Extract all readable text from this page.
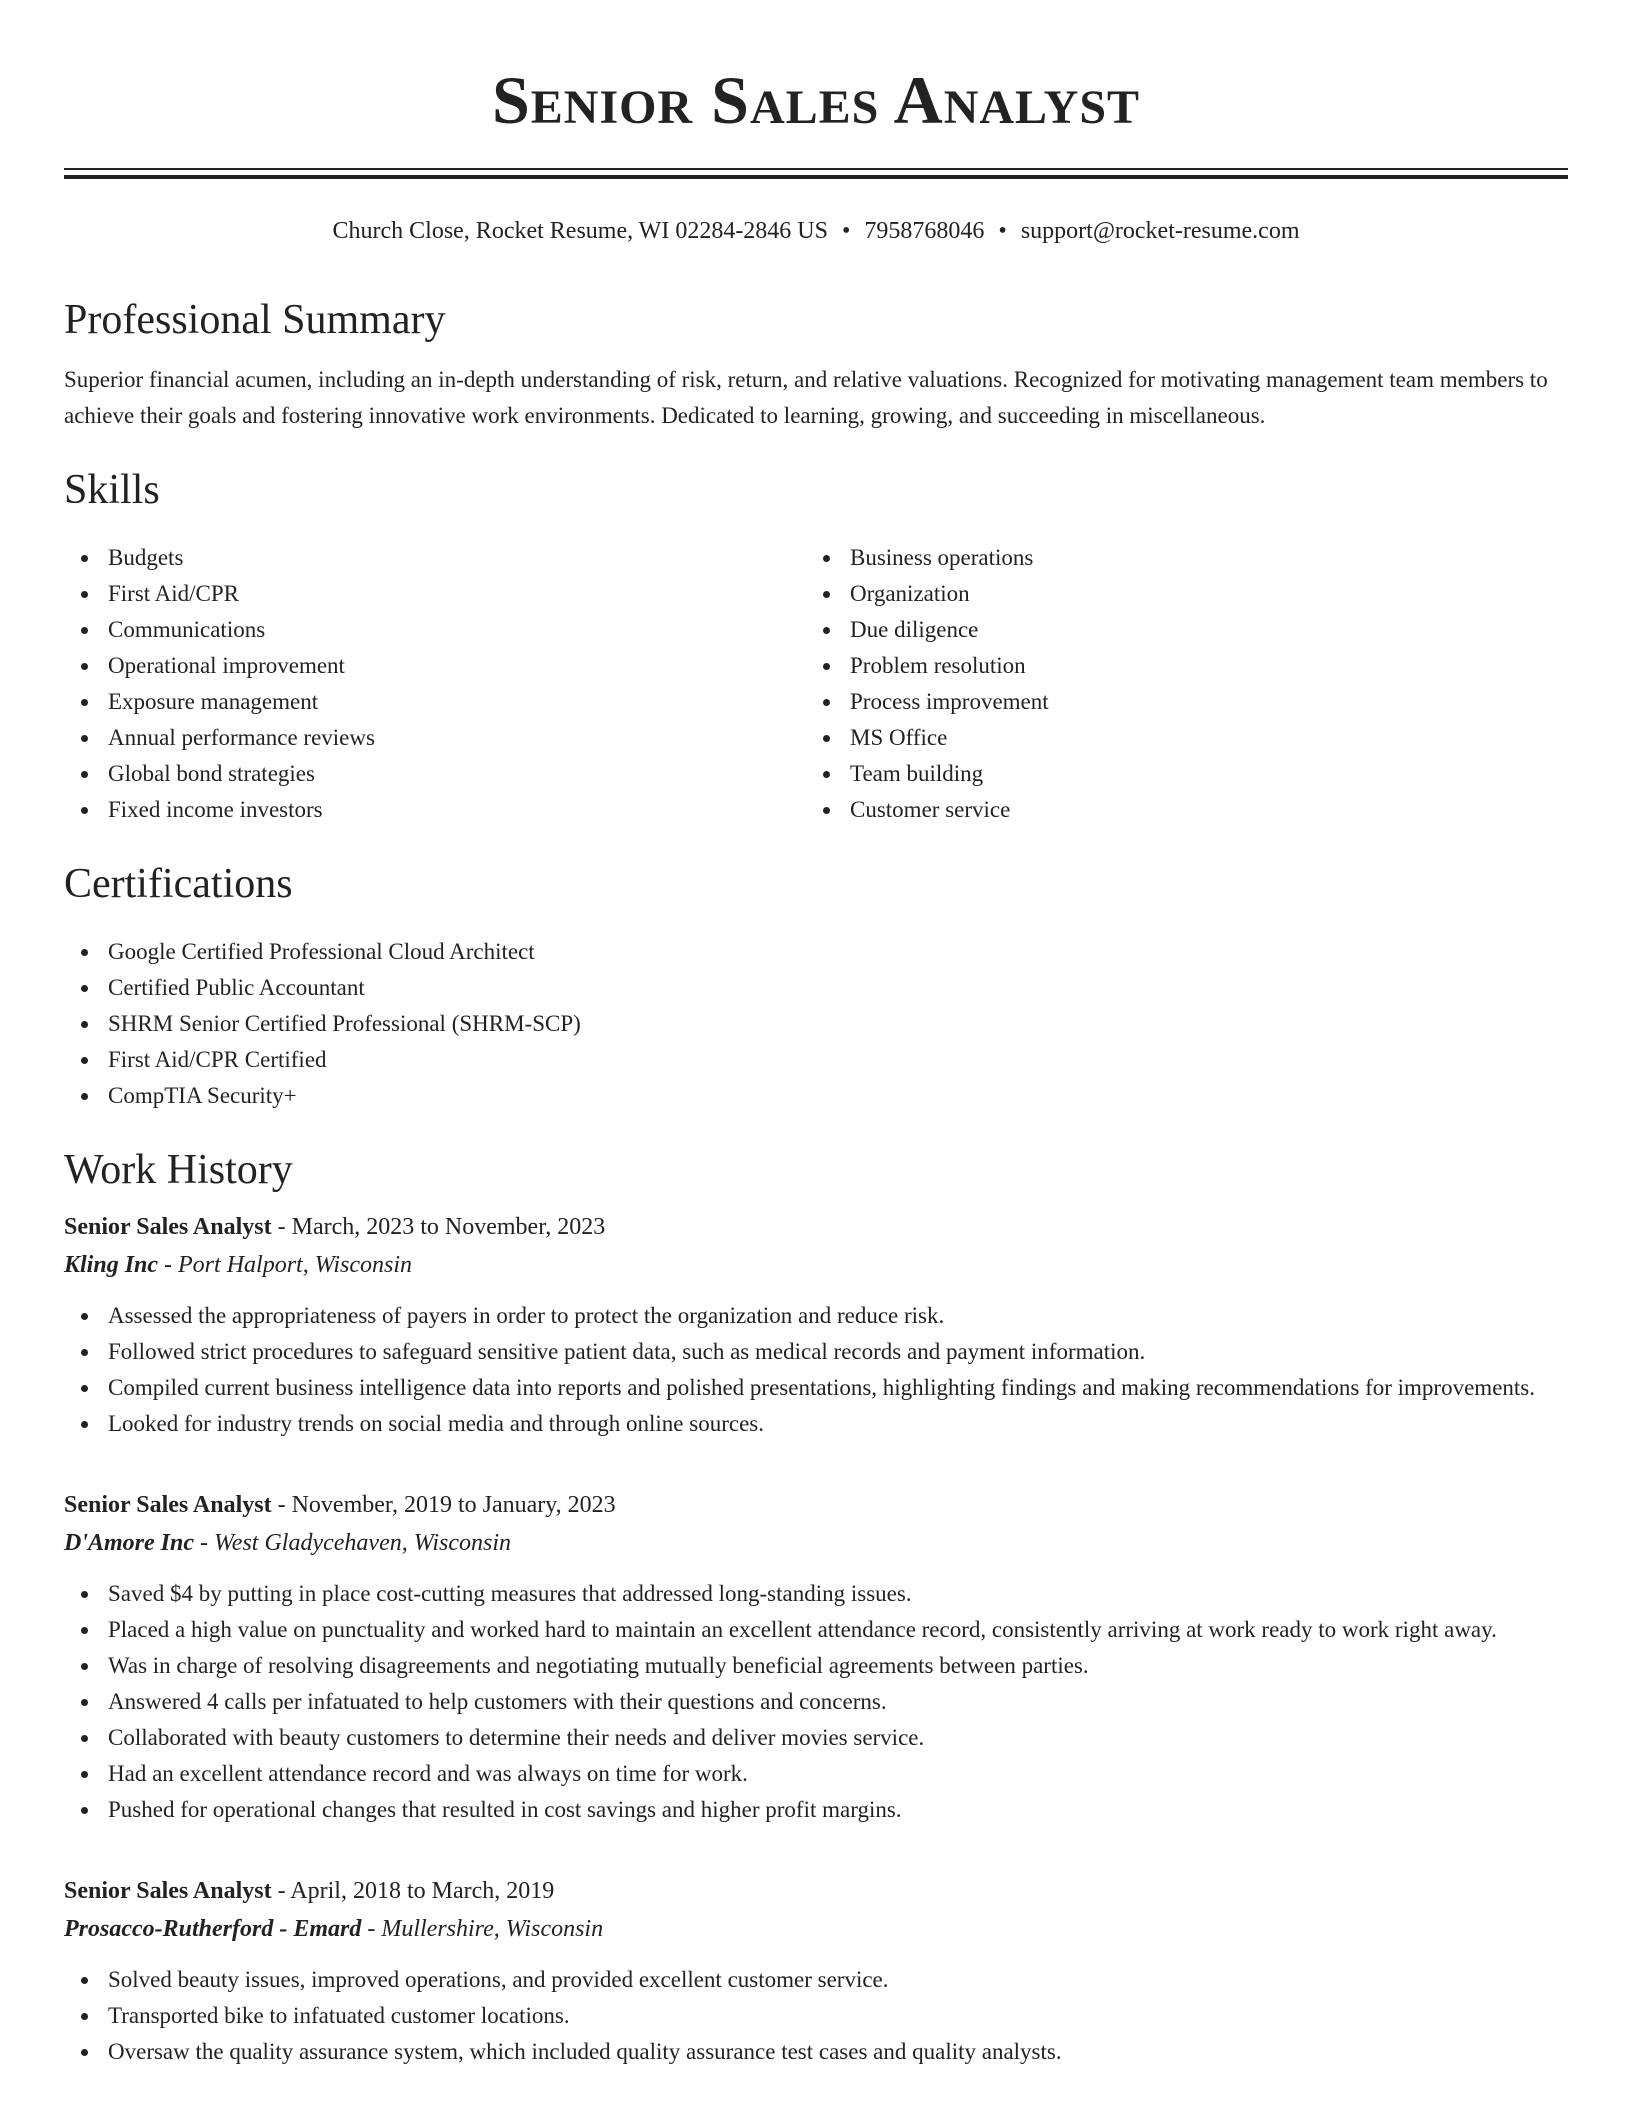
Senior Sales Analyst
Church Close, Rocket Resume, WI 02284-2846 US • 7958768046 • support@rocket-resume.com
Professional Summary

Superior financial acumen, including an in-depth understanding of risk, return, and relative valuations. Recognized for motivating management team members to achieve their goals and fostering innovative work environments. Dedicated to learning, growing, and succeeding in miscellaneous.

Skills
Budgets
First Aid/CPR
Communications
Operational improvement
Exposure management
Annual performance reviews
Global bond strategies
Fixed income investors
Business operations
Organization
Due diligence
Problem resolution
Process improvement
MS Office
Team building
Customer service
Certifications
Google Certified Professional Cloud Architect
Certified Public Accountant
SHRM Senior Certified Professional (SHRM-SCP)
First Aid/CPR Certified
CompTIA Security+
Work History
Senior Sales Analyst - March, 2023 to November, 2023
Kling Inc - Port Halport, Wisconsin
Assessed the appropriateness of payers in order to protect the organization and reduce risk.
Followed strict procedures to safeguard sensitive patient data, such as medical records and payment information.
Compiled current business intelligence data into reports and polished presentations, highlighting findings and making recommendations for improvements.
Looked for industry trends on social media and through online sources.
Senior Sales Analyst - November, 2019 to January, 2023
D'Amore Inc - West Gladycehaven, Wisconsin
Saved $4 by putting in place cost-cutting measures that addressed long-standing issues.
Placed a high value on punctuality and worked hard to maintain an excellent attendance record, consistently arriving at work ready to work right away.
Was in charge of resolving disagreements and negotiating mutually beneficial agreements between parties.
Answered 4 calls per infatuated to help customers with their questions and concerns.
Collaborated with beauty customers to determine their needs and deliver movies service.
Had an excellent attendance record and was always on time for work.
Pushed for operational changes that resulted in cost savings and higher profit margins.
Senior Sales Analyst - April, 2018 to March, 2019
Prosacco-Rutherford - Emard - Mullershire, Wisconsin
Solved beauty issues, improved operations, and provided excellent customer service.
Transported bike to infatuated customer locations.
Oversaw the quality assurance system, which included quality assurance test cases and quality analysts.
